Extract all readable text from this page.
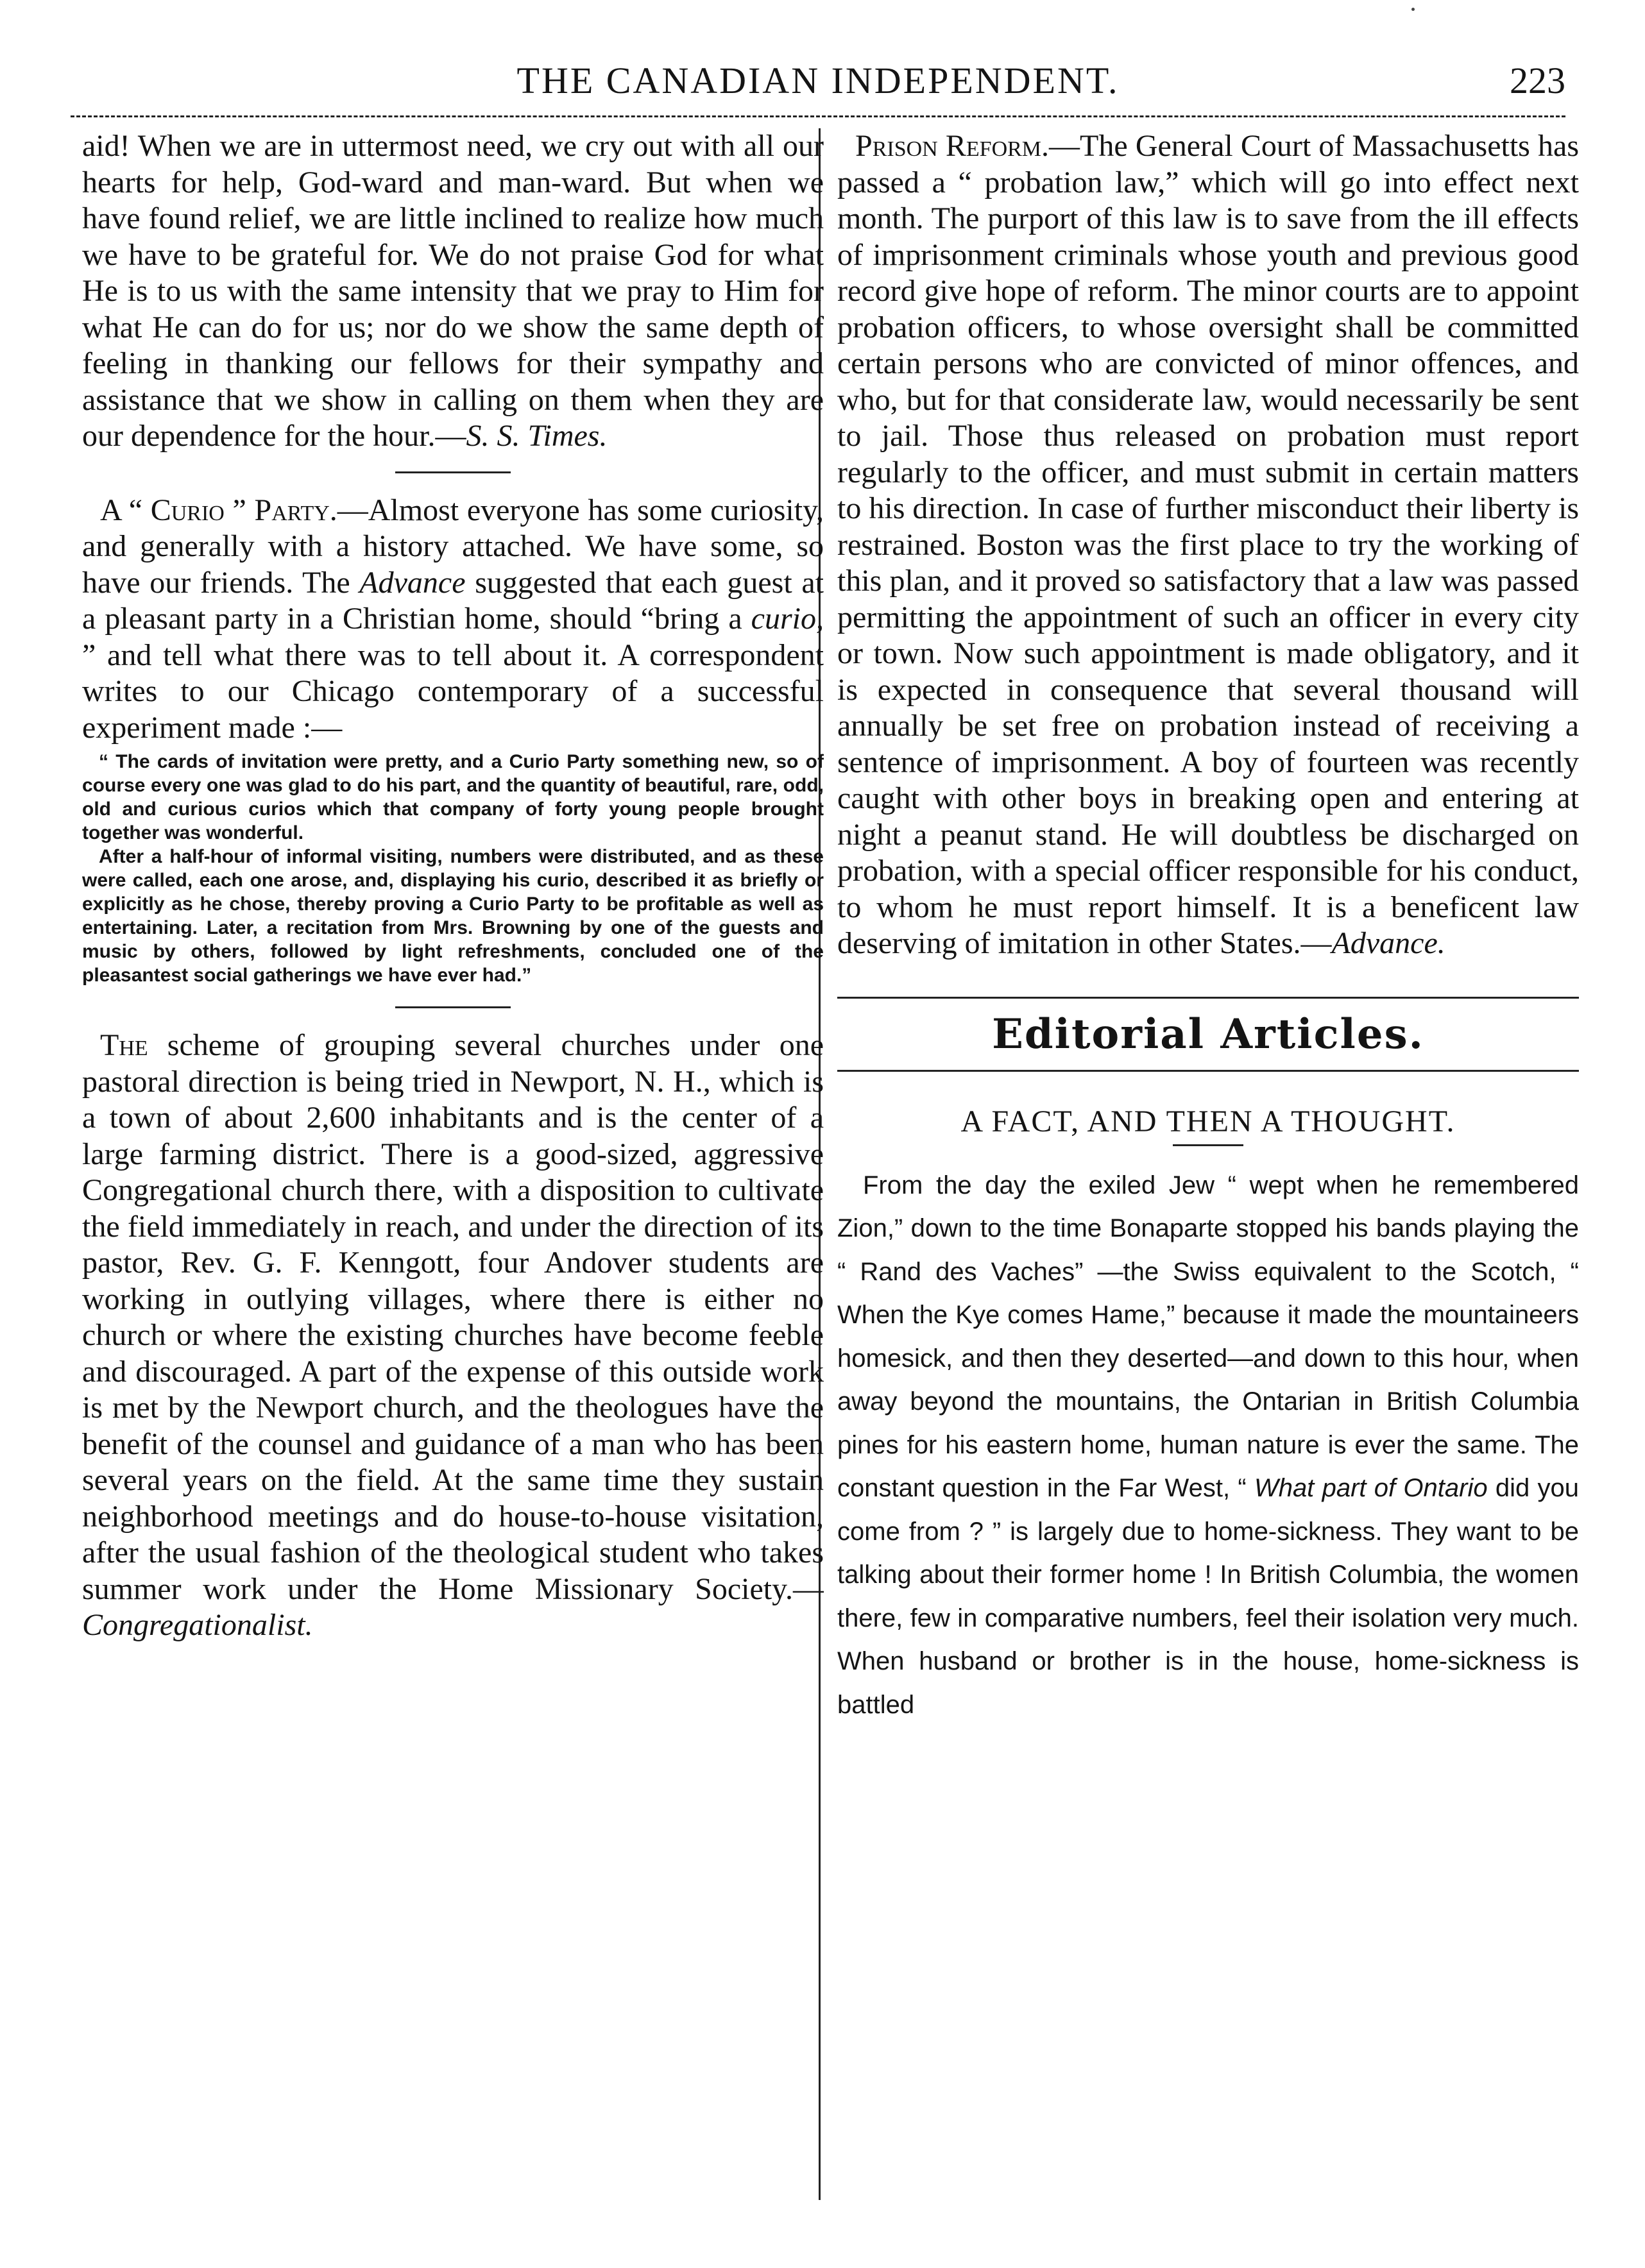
THE CANADIAN INDEPENDENT.	223

aid! When we are in uttermost need, we cry out with all our hearts for help, God-ward and man-ward. But when we have found relief, we are little inclined to realize how much we have to be grateful for. We do not praise God for what He is to us with the same intensity that we pray to Him for what He can do for us; nor do we show the same depth of feeling in thanking our fellows for their sympathy and assistance that we show in calling on them when they are our dependence for the hour.—S. S. Times.

A “ Curio ” Party.—Almost everyone has some curiosity, and generally with a history attached. We have some, so have our friends. The Advance suggested that each guest at a pleasant party in a Christian home, should “bring a curio, ” and tell what there was to tell about it. A correspondent writes to our Chicago contemporary of a successful experiment made :—

“ The cards of invitation were pretty, and a Curio Party something new, so of course every one was glad to do his part, and the quantity of beautiful, rare, odd, old and curious curios which that company of forty young people brought together was wonderful.

After a half-hour of informal visiting, numbers were distributed, and as these were called, each one arose, and, displaying his curio, described it as briefly or explicitly as he chose, thereby proving a Curio Party to be profitable as well as entertaining. Later, a recitation from Mrs. Browning by one of the guests and music by others, followed by light refreshments, concluded one of the pleasantest social gatherings we have ever had.”

The scheme of grouping several churches under one pastoral direction is being tried in Newport, N. H., which is a town of about 2,600 inhabitants and is the center of a large farming district. There is a good-sized, aggressive Congregational church there, with a disposition to cultivate the field immediately in reach, and under the direction of its pastor, Rev. G. F. Kenngott, four Andover students are working in outlying villages, where there is either no church or where the existing churches have become feeble and discouraged. A part of the expense of this outside work is met by the Newport church, and the theologues have the benefit of the counsel and guidance of a man who has been several years on the field. At the same time they sustain neighborhood meetings and do house-to-house visitation, after the usual fashion of the theological student who takes summer work under the Home Missionary Society.—Congregationalist.

Prison Reform.—The General Court of Massachusetts has passed a “ probation law,” which will go into effect next month. The purport of this law is to save from the ill effects of imprisonment criminals whose youth and previous good record give hope of reform. The minor courts are to appoint probation officers, to whose oversight shall be committed certain persons who are convicted of minor offences, and who, but for that considerate law, would necessarily be sent to jail. Those thus released on probation must report regularly to the officer, and must submit in certain matters to his direction. In case of further misconduct their liberty is restrained. Boston was the first place to try the working of this plan, and it proved so satisfactory that a law was passed permitting the appointment of such an officer in every city or town. Now such appointment is made obligatory, and it is expected in consequence that several thousand will annually be set free on probation instead of receiving a sentence of imprisonment. A boy of fourteen was recently caught with other boys in breaking open and entering at night a peanut stand. He will doubtless be discharged on probation, with a special officer responsible for his conduct, to whom he must report himself. It is a beneficent law deserving of imitation in other States.—Advance.

Editorial Articles.
A FACT, AND THEN A THOUGHT.

From the day the exiled Jew “ wept when he remembered Zion,” down to the time Bonaparte stopped his bands playing the “ Rand des Vaches” —the Swiss equivalent to the Scotch, “ When the Kye comes Hame,” because it made the mountaineers homesick, and then they deserted—and down to this hour, when away beyond the mountains, the Ontarian in British Columbia pines for his eastern home, human nature is ever the same. The constant question in the Far West, “ What part of Ontario did you come from ? ” is largely due to home-sickness. They want to be talking about their former home ! In British Columbia, the women there, few in comparative numbers, feel their isolation very much. When husband or brother is in the house, home-sickness is battled
